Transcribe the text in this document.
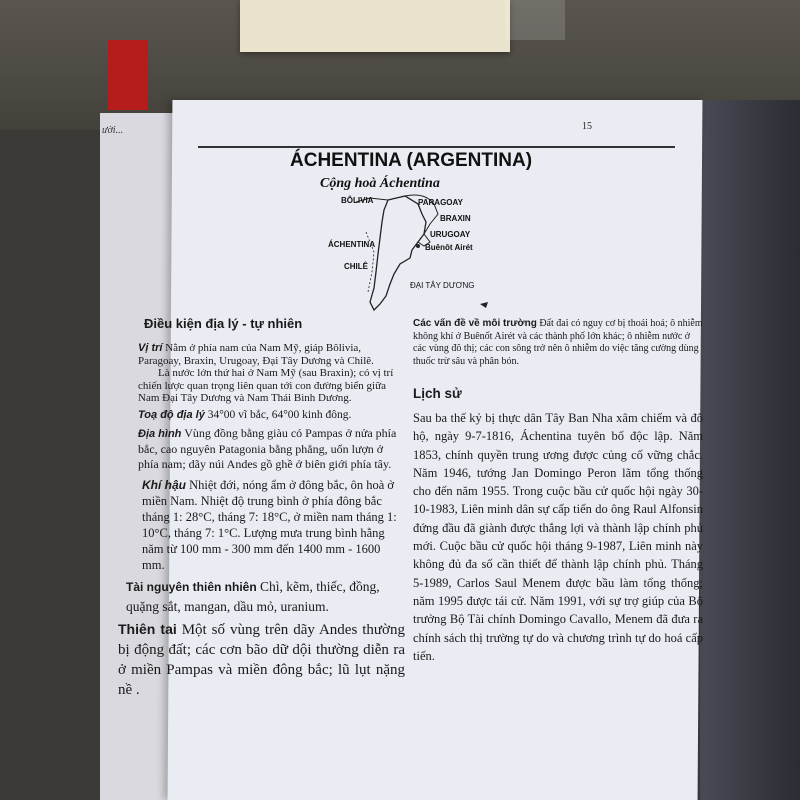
ười...	15
ÁCHENTINA (ARGENTINA)
Cộng hoà Áchentina
BÔLIVIA	PARAGOAY
BRAXIN
URUGOAY
Buênôt Airét
ÁCHENTINA
CHILÊ
ĐẠI TÂY DƯƠNG

Điều kiện địa lý - tự nhiên

Vị trí Nằm ở phía nam của Nam Mỹ, giáp Bôlivia, Paragoay, Braxin, Urugoay, Đại Tây Dương và Chilê.

Là nước lớn thứ hai ở Nam Mỹ (sau Braxin); có vị trí chiến lược quan trọng liên quan tới con đường biển giữa Nam Đại Tây Dương và Nam Thái Bình Dương.

Toạ độ địa lý 34°00 vĩ bắc, 64°00 kinh đông.

Địa hình Vùng đồng bằng giàu có Pampas ở nửa phía bắc, cao nguyên Patagonia bằng phẳng, uốn lượn ở phía nam; dãy núi Andes gồ ghề ở biên giới phía tây.

Khí hậu Nhiệt đới, nóng ẩm ở đông bắc, ôn hoà ở miền Nam. Nhiệt độ trung bình ở phía đông bắc tháng 1: 28°C, tháng 7: 18°C, ở miền nam tháng 1: 10°C, tháng 7: 1°C. Lượng mưa trung bình hằng năm từ 100 mm - 300 mm đến 1400 mm - 1600 mm.

Tài nguyên thiên nhiên Chì, kẽm, thiếc, đồng, quặng sắt, mangan, dầu mỏ, uranium.

Thiên tai Một số vùng trên dãy Andes thường bị động đất; các cơn bão dữ dội thường diễn ra ở miền Pampas và miền đông bắc; lũ lụt nặng nề .

Các vấn đề về môi trường Đất đai có nguy cơ bị thoái hoá; ô nhiễm không khí ở Buênốt Airét và các thành phố lớn khác; ô nhiễm nước ở các vùng đô thị; các con sông trở nên ô nhiễm do việc tăng cường dùng thuốc trừ sâu và phân bón.

Lịch sử

Sau ba thế kỷ bị thực dân Tây Ban Nha xâm chiếm và đô hộ, ngày 9-7-1816, Áchentina tuyên bố độc lập. Năm 1853, chính quyền trung ương được củng cố vững chắc. Năm 1946, tướng Jan Domingo Peron lãm tổng thống cho đến năm 1955. Trong cuộc bầu cử quốc hội ngày 30-10-1983, Liên minh dân sự cấp tiến do ông Raul Alfonsin đứng đầu đã giành được thắng lợi và thành lập chính phủ mới. Cuộc bầu cử quốc hội tháng 9-1987, Liên minh này không đủ đa số cần thiết để thành lập chính phủ. Tháng 5-1989, Carlos Saul Menem được bầu làm tổng thống; năm 1995 được tái cử. Năm 1991, với sự trợ giúp của Bộ trưởng Bộ Tài chính Domingo Cavallo, Menem đã đưa ra chính sách thị trường tự do và chương trình tự do hoá cấp tiến.
